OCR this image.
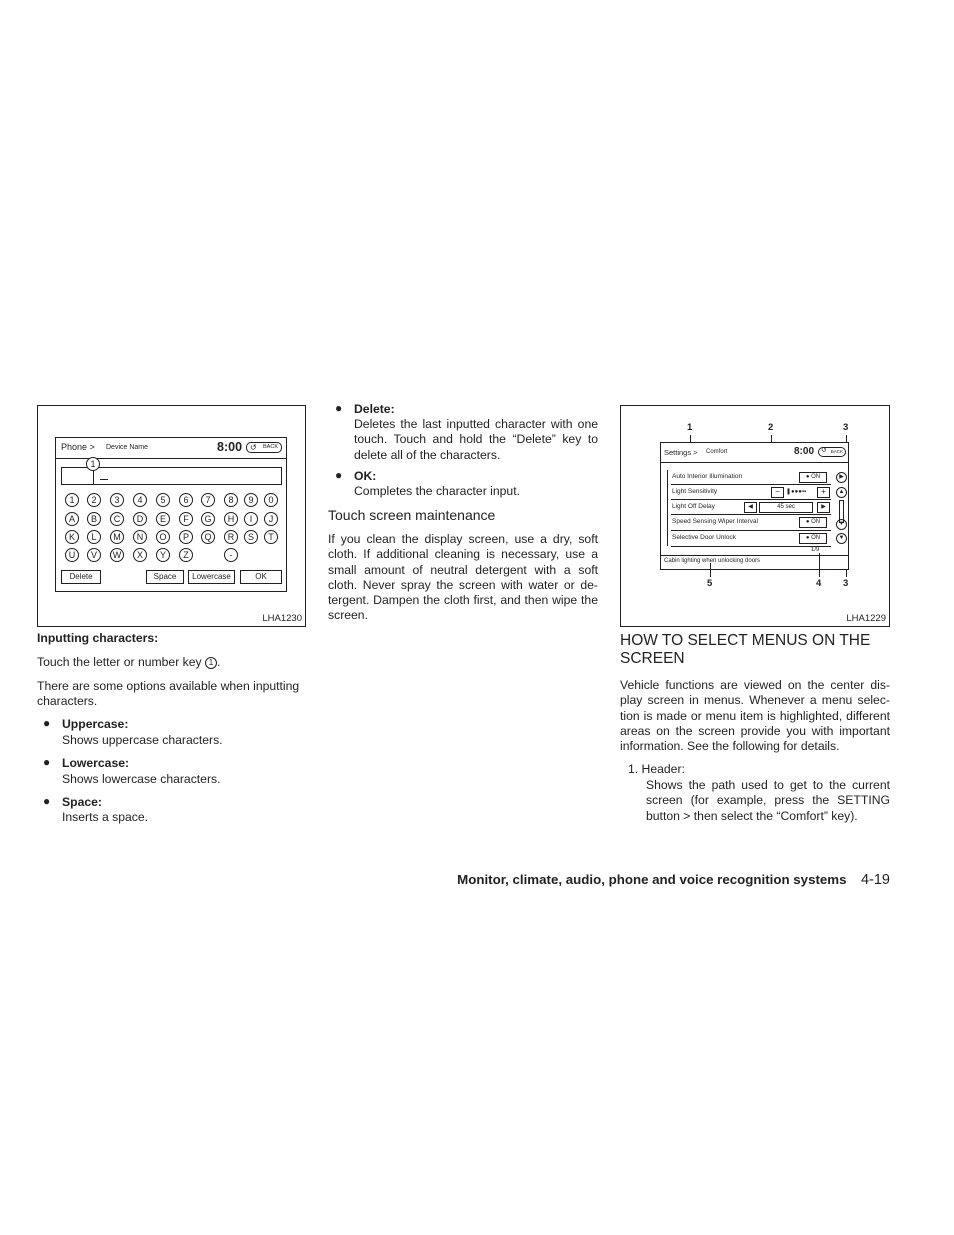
Phone > Device Name	8:00 ↺ BACK
1
1	2	3	4	5	6	7	8	9	0
A	B	C	D	E	F	G	H	I	J
K	L	M	N	O	P	Q	R	S	T
U	V	W	X	Y	Z	-
Delete	Space	Lowercase	OK
LHA1230
Inputting characters:
Touch the letter or number key 1 .
There are some options available when inputting
characters.
● Uppercase:
Shows uppercase characters.
● Lowercase:
Shows lowercase characters.
● Space:
Inserts a space.
● Delete:
Deletes the last inputted character with one
touch. Touch and hold the “Delete” key to
delete all of the characters.
● OK:
Completes the character input.
Touch screen maintenance
If you clean the display screen, use a dry, soft
cloth. If additional cleaning is necessary, use a
small amount of neutral detergent with a soft
cloth. Never spray the screen with water or de-
tergent. Dampen the cloth first, and then wipe the
screen.
1	2	3
Settings > Comfort	8:00 ↺ BACK
Auto Interior Illumination	● ON
Light Sensitivity	−	❚●●●▪▪	+
Light Off Delay	◀	45 sec	▶
Speed Sensing Wiper Interval	● ON
Selective Door Unlock	● ON
1/9
▶
▲
▼
▼
Cabin lighting when unlocking doors
5	4 3
LHA1229
HOW TO SELECT MENUS ON THE
SCREEN
Vehicle functions are viewed on the center dis-
play screen in menus. Whenever a menu selec-
tion is made or menu item is highlighted, different
areas on the screen provide you with important
information. See the following for details.
1. Header:
Shows the path used to get to the current
screen (for example, press the SETTING
button > then select the “Comfort” key).
Monitor, climate, audio, phone and voice recognition systems 4-19
